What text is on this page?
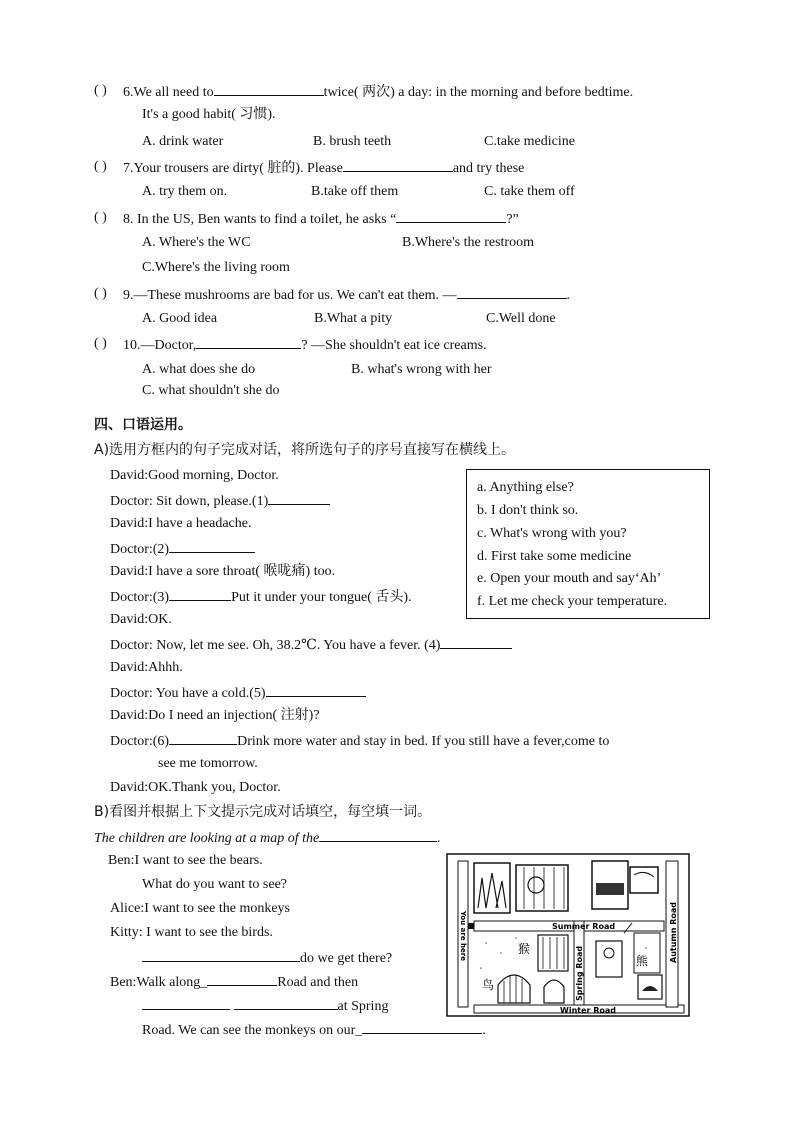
( ) 6.We all need to	twice( 两次) a day: in the morning and before bedtime.
It's a good habit( 习惯).
A. drink water	B. brush teeth	C.take medicine
( ) 7.Your trousers are dirty( 脏的). Please	and try these
A. try them on.	B.take off them	C. take them off
( ) 8. In the US, Ben wants to find a toilet, he asks “	?”
A. Where's the WC	B.Where's the restroom
C.Where's the living room
( ) 9.—These mushrooms are bad for us. We can't eat them. —	.
A. Good idea	B.What a pity	C.Well done
( ) 10.—Doctor,	? —She shouldn't eat ice creams.
A. what does she do	B. what's wrong with her
C. what shouldn't she do
四、口语运用。
A)选用方框内的句子完成对话，将所选句子的序号直接写在横线上。
David:Good morning, Doctor.
Doctor: Sit down, please.(1)
David:I have a headache.
Doctor:(2)
David:I have a sore throat( 喉咙痛) too.
Doctor:(3)	Put it under your tongue( 舌头).
David:OK.
Doctor: Now, let me see. Oh, 38.2℃. You have a fever. (4)
David:Ahhh.
Doctor: You have a cold.(5)
David:Do I need an injection( 注射)?
Doctor:(6)	Drink more water and stay in bed. If you still have a fever,come to
see me tomorrow.
David:OK.Thank you, Doctor.
a. Anything else?
b. I don't think so.
c. What's wrong with you?
d. First take some medicine
e. Open your mouth and say‘Ah’
f. Let me check your temperature.
B)看图并根据上下文提示完成对话填空，每空填一词。
The children are looking at a map of the	.
Ben:I want to see the bears.
What do you want to see?
Alice:I want to see the monkeys
Kitty: I want to see the birds.
do we get there?
Ben:Walk along_	Road and then
at Spring
Road. We can see the monkeys on our_	.
猴
鸟
熊
Summer Road
Winter Road
Spring Road
Autumn Road
You are here
